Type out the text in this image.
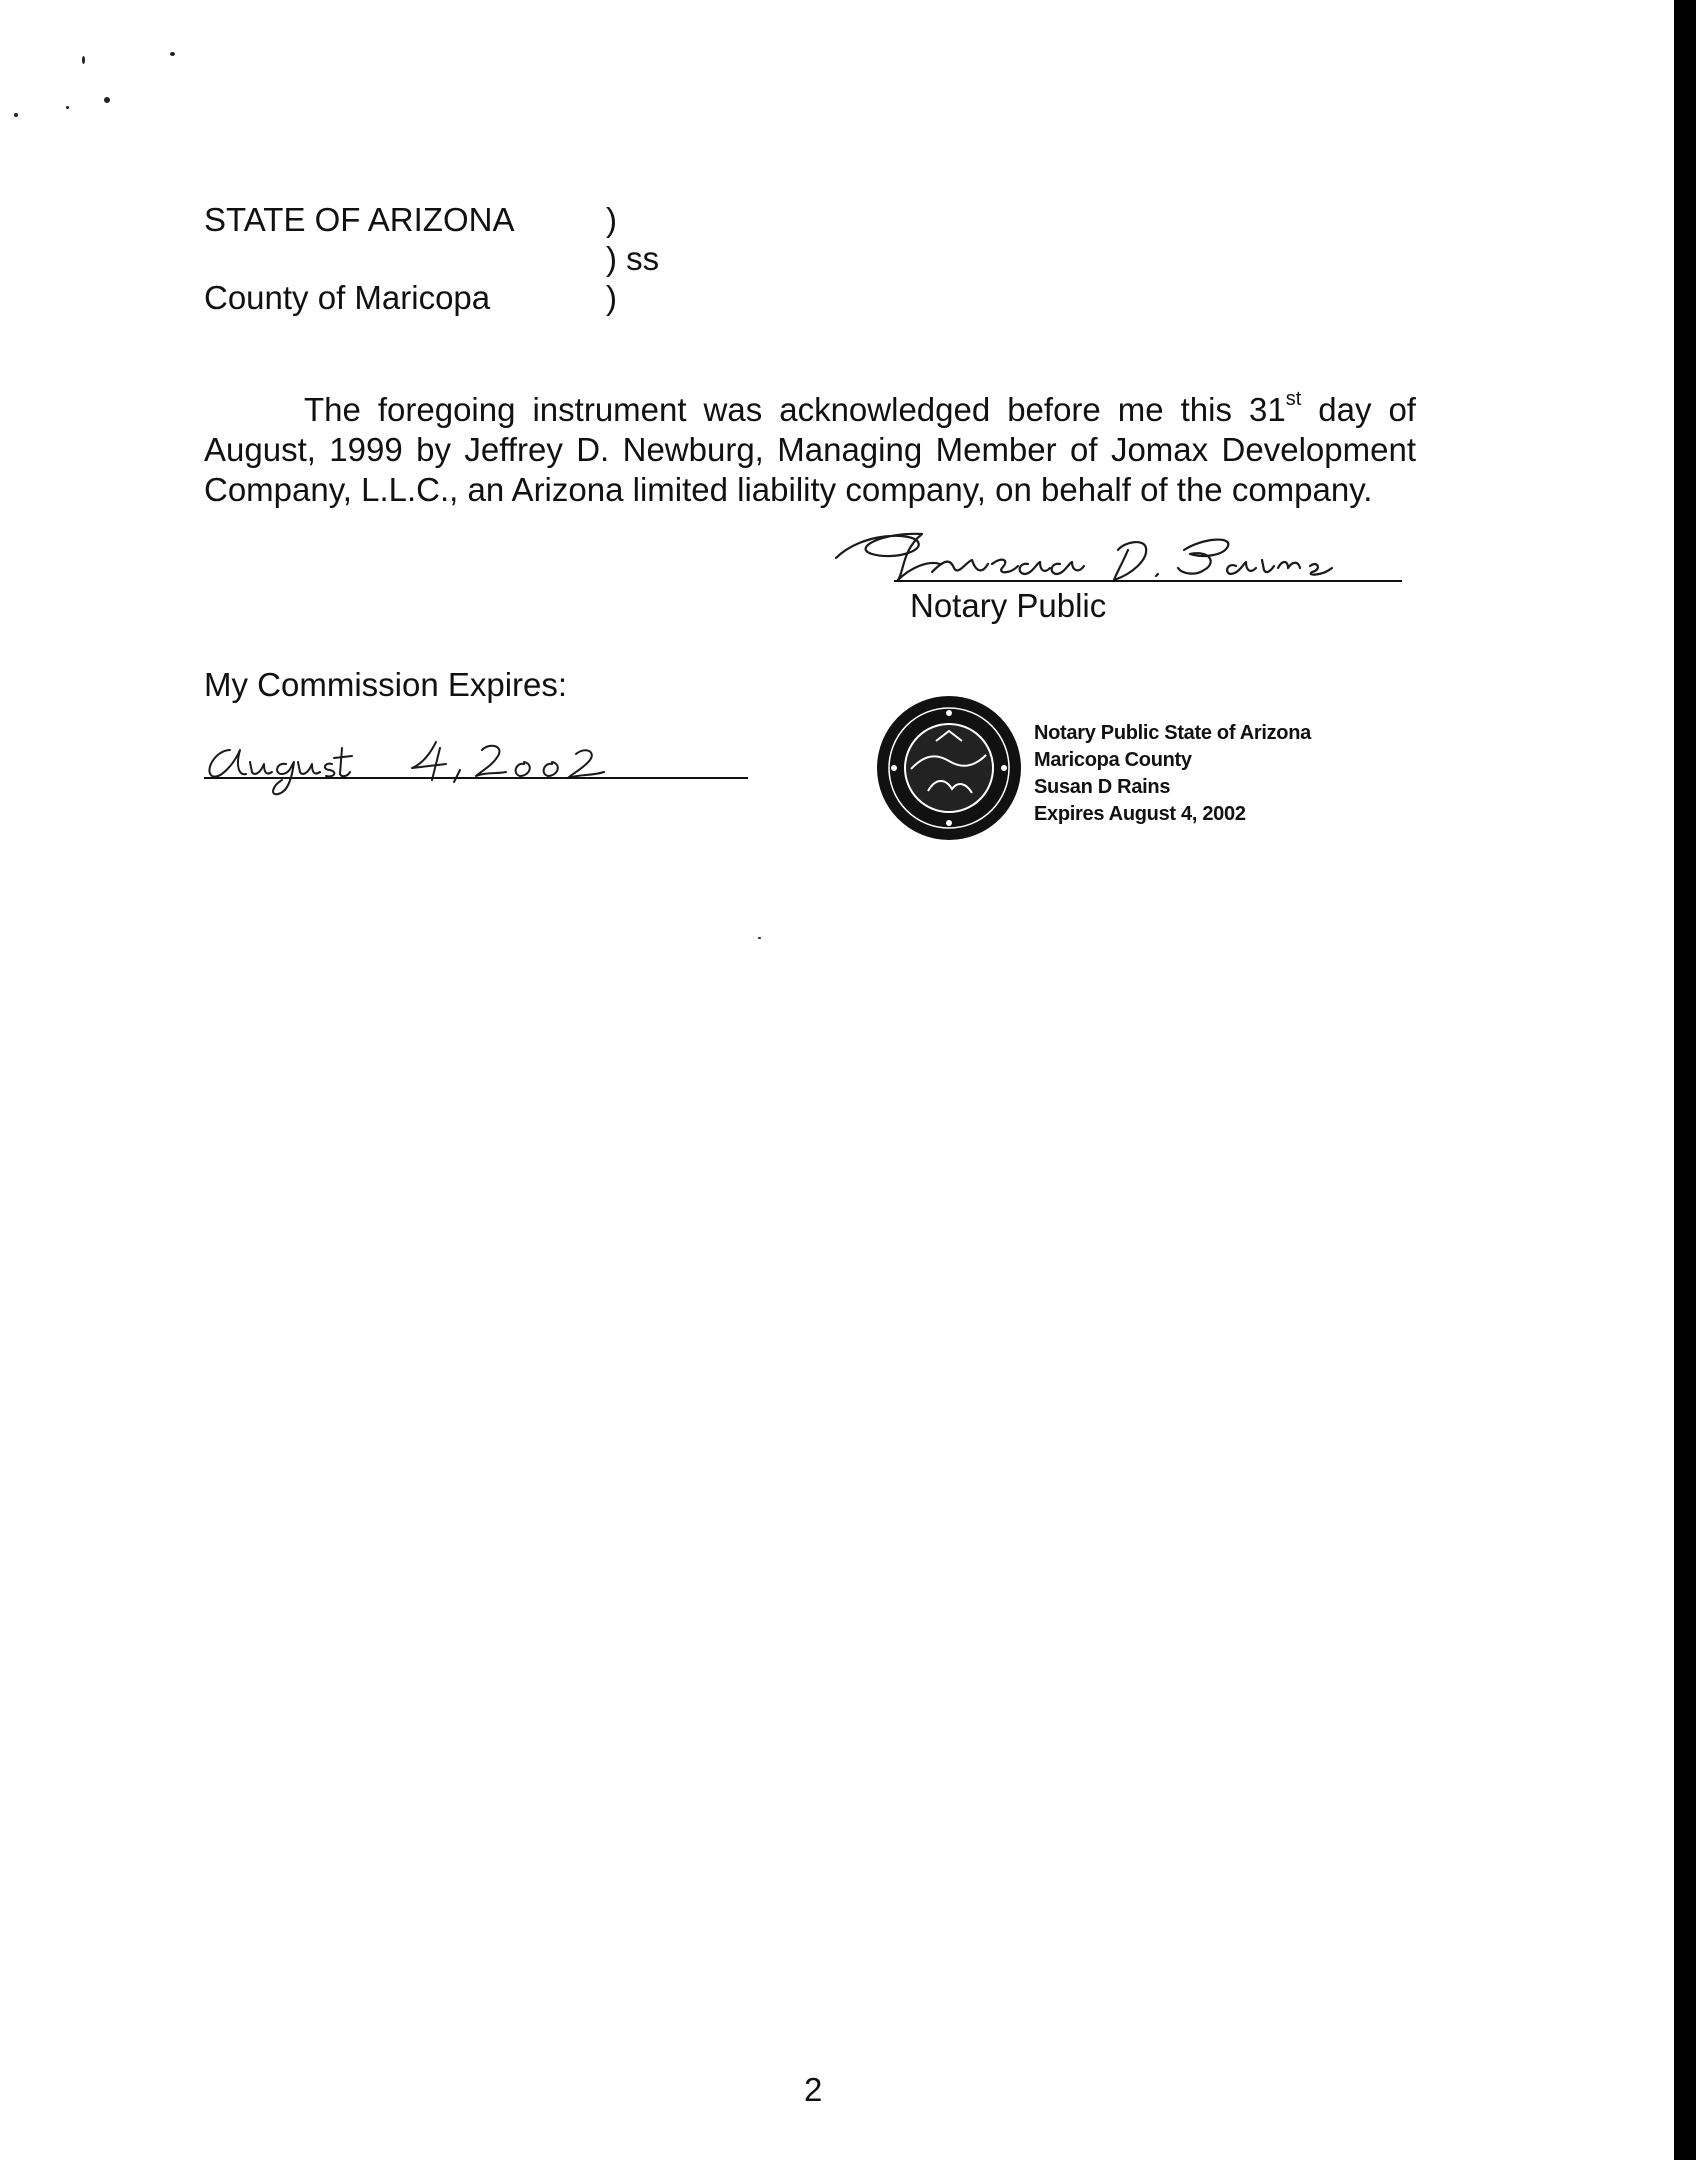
STATE OF ARIZONA	)
) ss
County of Maricopa	)
The foregoing instrument was acknowledged before me this 31st day of
August, 1999 by Jeffrey D. Newburg, Managing Member of Jomax Development
Company, L.L.C., an Arizona limited liability company, on behalf of the company.
Notary Public
My Commission Expires:
Notary Public State of Arizona
Maricopa County
Susan D Rains
Expires August 4, 2002
2
